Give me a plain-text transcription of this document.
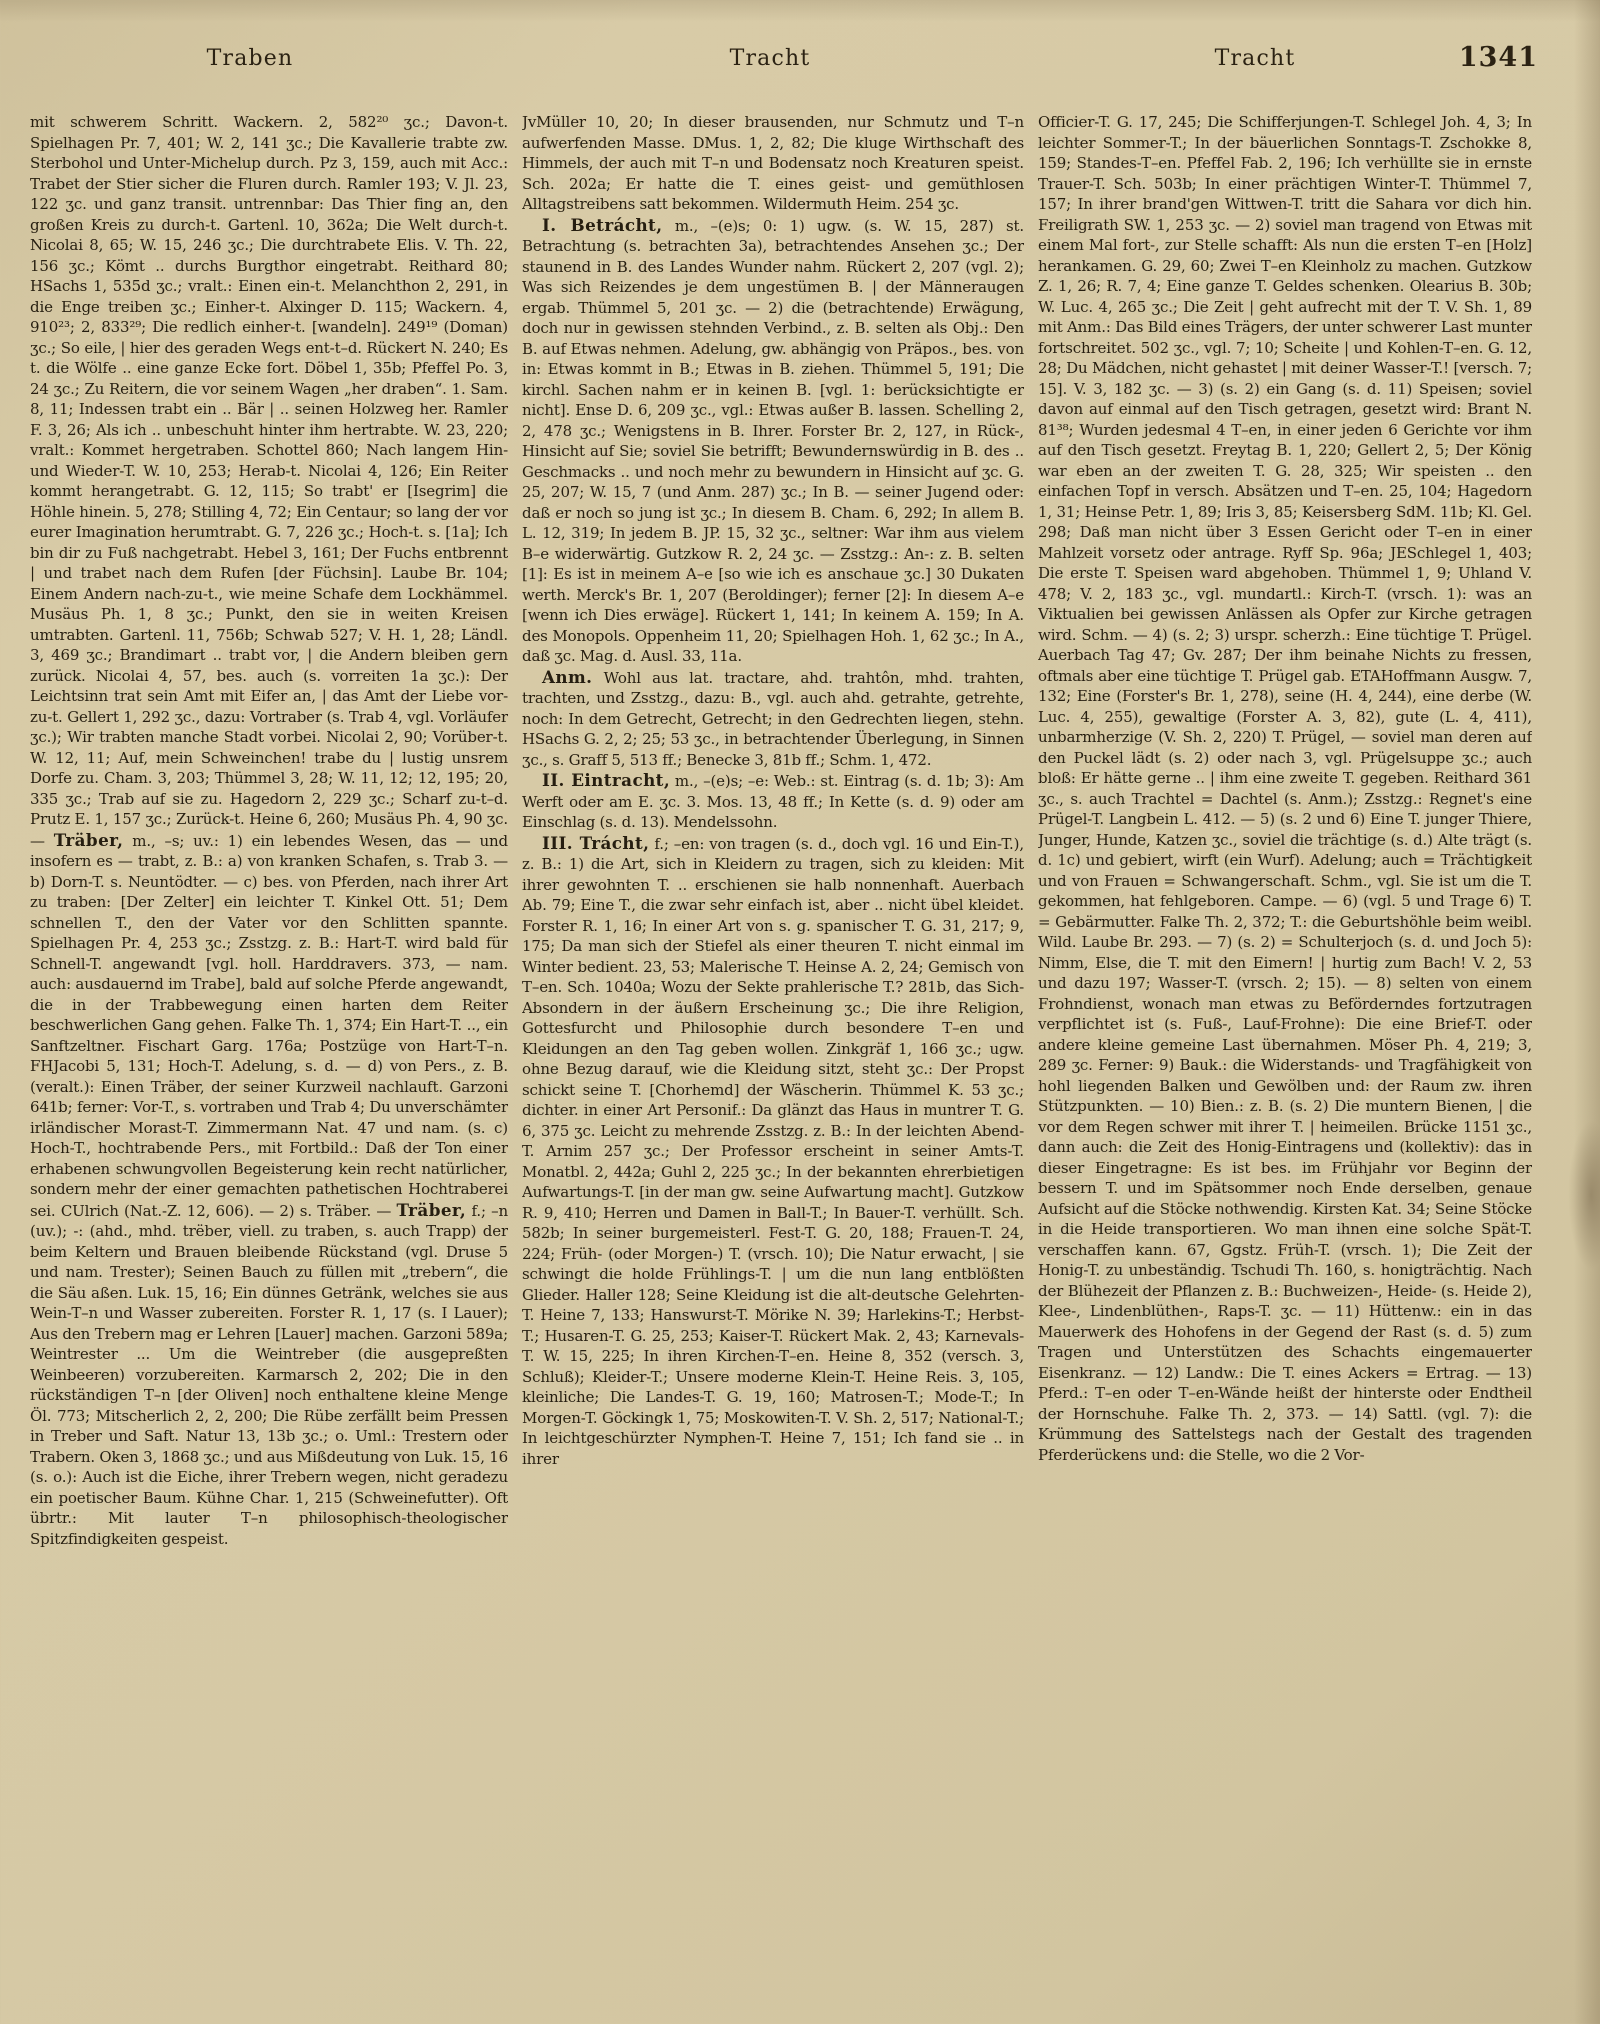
Traben	Tracht	Tracht	1341

mit schwerem Schritt. Wackern. 2, 582²⁰ ʒc.; Davon-t. Spielhagen Pr. 7, 401; W. 2, 141 ʒc.; Die Kavallerie trabte zw. Sterbohol und Unter-Michelup durch. Pz 3, 159, auch mit Acc.: Trabet der Stier sicher die Fluren durch. Ramler 193; V. Jl. 23, 122 ʒc. und ganz transit. untrennbar: Das Thier fing an, den großen Kreis zu durch-t. Gartenl. 10, 362a; Die Welt durch-t. Nicolai 8, 65; W. 15, 246 ʒc.; Die durchtrabete Elis. V. Th. 22, 156 ʒc.; Kömt .. durchs Burgthor eingetrabt. Reithard 80; HSachs 1, 535d ʒc.; vralt.: Einen ein-t. Melanchthon 2, 291, in die Enge treiben ʒc.; Einher-t. Alxinger D. 115; Wackern. 4, 910²³; 2, 833²⁹; Die redlich einher-t. [wandeln]. 249¹⁹ (Doman) ʒc.; So eile, | hier des geraden Wegs ent-t–d. Rückert N. 240; Es t. die Wölfe .. eine ganze Ecke fort. Döbel 1, 35b; Pfeffel Po. 3, 24 ʒc.; Zu Reitern, die vor seinem Wagen „her draben“. 1. Sam. 8, 11; Indessen trabt ein .. Bär | .. seinen Holzweg her. Ramler F. 3, 26; Als ich .. unbeschuht hinter ihm hertrabte. W. 23, 220; vralt.: Kommet hergetraben. Schottel 860; Nach langem Hin- und Wieder-T. W. 10, 253; Herab-t. Nicolai 4, 126; Ein Reiter kommt herangetrabt. G. 12, 115; So trabt' er [Isegrim] die Höhle hinein. 5, 278; Stilling 4, 72; Ein Centaur; so lang der vor eurer Imagination herumtrabt. G. 7, 226 ʒc.; Hoch-t. s. [1a]; Ich bin dir zu Fuß nachgetrabt. Hebel 3, 161; Der Fuchs entbrennt | und trabet nach dem Rufen [der Füchsin]. Laube Br. 104; Einem Andern nach-zu-t., wie meine Schafe dem Lockhämmel. Musäus Ph. 1, 8 ʒc.; Punkt, den sie in weiten Kreisen umtrabten. Gartenl. 11, 756b; Schwab 527; V. H. 1, 28; Ländl. 3, 469 ʒc.; Brandimart .. trabt vor, | die Andern bleiben gern zurück. Nicolai 4, 57, bes. auch (s. vorreiten 1a ʒc.): Der Leichtsinn trat sein Amt mit Eifer an, | das Amt der Liebe vor-zu-t. Gellert 1, 292 ʒc., dazu: Vortraber (s. Trab 4, vgl. Vorläufer ʒc.); Wir trabten manche Stadt vorbei. Nicolai 2, 90; Vorüber-t. W. 12, 11; Auf, mein Schweinchen! trabe du | lustig unsrem Dorfe zu. Cham. 3, 203; Thümmel 3, 28; W. 11, 12; 12, 195; 20, 335 ʒc.; Trab auf sie zu. Hagedorn 2, 229 ʒc.; Scharf zu-t–d. Prutz E. 1, 157 ʒc.; Zurück-t. Heine 6, 260; Musäus Ph. 4, 90 ʒc. — Träber, m., –s; uv.: 1) ein lebendes Wesen, das — und insofern es — trabt, z. B.: a) von kranken Schafen, s. Trab 3. — b) Dorn-T. s. Neuntödter. — c) bes. von Pferden, nach ihrer Art zu traben: [Der Zelter] ein leichter T. Kinkel Ott. 51; Dem schnellen T., den der Vater vor den Schlitten spannte. Spielhagen Pr. 4, 253 ʒc.; Zsstzg. z. B.: Hart-T. wird bald für Schnell-T. angewandt [vgl. holl. Harddravers. 373, — nam. auch: ausdauernd im Trabe], bald auf solche Pferde angewandt, die in der Trabbewegung einen harten dem Reiter beschwerlichen Gang gehen. Falke Th. 1, 374; Ein Hart-T. .., ein Sanftzeltner. Fischart Garg. 176a; Postzüge von Hart-T–n. FHJacobi 5, 131; Hoch-T. Adelung, s. d. — d) von Pers., z. B. (veralt.): Einen Träber, der seiner Kurzweil nachlauft. Garzoni 641b; ferner: Vor-T., s. vortraben und Trab 4; Du unverschämter irländischer Morast-T. Zimmermann Nat. 47 und nam. (s. c) Hoch-T., hochtrabende Pers., mit Fortbild.: Daß der Ton einer erhabenen schwungvollen Begeisterung kein recht natürlicher, sondern mehr der einer gemachten pathetischen Hochtraberei sei. CUlrich (Nat.-Z. 12, 606). — 2) s. Träber. — Träber, f.; –n (uv.); -: (ahd., mhd. trëber, viell. zu traben, s. auch Trapp) der beim Keltern und Brauen bleibende Rückstand (vgl. Druse 5 und nam. Trester); Seinen Bauch zu füllen mit „trebern“, die die Säu aßen. Luk. 15, 16; Ein dünnes Getränk, welches sie aus Wein-T–n und Wasser zubereiten. Forster R. 1, 17 (s. I Lauer); Aus den Trebern mag er Lehren [Lauer] machen. Garzoni 589a; Weintrester ... Um die Weintreber (die ausgepreßten Weinbeeren) vorzubereiten. Karmarsch 2, 202; Die in den rückständigen T–n [der Oliven] noch enthaltene kleine Menge Öl. 773; Mitscherlich 2, 2, 200; Die Rübe zerfällt beim Pressen in Treber und Saft. Natur 13, 13b ʒc.; o. Uml.: Trestern oder Trabern. Oken 3, 1868 ʒc.; und aus Mißdeutung von Luk. 15, 16 (s. o.): Auch ist die Eiche, ihrer Trebern wegen, nicht geradezu ein poetischer Baum. Kühne Char. 1, 215 (Schweinefutter). Oft übrtr.: Mit lauter T–n philosophisch-theologischer Spitzfindigkeiten gespeist.

JvMüller 10, 20; In dieser brausenden, nur Schmutz und T–n aufwerfenden Masse. DMus. 1, 2, 82; Die kluge Wirthschaft des Himmels, der auch mit T–n und Bodensatz noch Kreaturen speist. Sch. 202a; Er hatte die T. eines geist- und gemüthlosen Alltagstreibens satt bekommen. Wildermuth Heim. 254 ʒc.

I. Betrácht, m., –(e)s; 0: 1) ugw. (s. W. 15, 287) st. Betrachtung (s. betrachten 3a), betrachtendes Ansehen ʒc.; Der staunend in B. des Landes Wunder nahm. Rückert 2, 207 (vgl. 2); Was sich Reizendes je dem ungestümen B. | der Männeraugen ergab. Thümmel 5, 201 ʒc. — 2) die (betrachtende) Erwägung, doch nur in gewissen stehnden Verbind., z. B. selten als Obj.: Den B. auf Etwas nehmen. Adelung, gw. abhängig von Präpos., bes. von in: Etwas kommt in B.; Etwas in B. ziehen. Thümmel 5, 191; Die kirchl. Sachen nahm er in keinen B. [vgl. 1: berücksichtigte er nicht]. Ense D. 6, 209 ʒc., vgl.: Etwas außer B. lassen. Schelling 2, 2, 478 ʒc.; Wenigstens in B. Ihrer. Forster Br. 2, 127, in Rück-, Hinsicht auf Sie; soviel Sie betrifft; Bewundernswürdig in B. des .. Geschmacks .. und noch mehr zu bewundern in Hinsicht auf ʒc. G. 25, 207; W. 15, 7 (und Anm. 287) ʒc.; In B. — seiner Jugend oder: daß er noch so jung ist ʒc.; In diesem B. Cham. 6, 292; In allem B. L. 12, 319; In jedem B. JP. 15, 32 ʒc., seltner: War ihm aus vielem B–e widerwärtig. Gutzkow R. 2, 24 ʒc. — Zsstzg.: An-: z. B. selten [1]: Es ist in meinem A–e [so wie ich es anschaue ʒc.] 30 Dukaten werth. Merck's Br. 1, 207 (Beroldinger); ferner [2]: In diesem A–e [wenn ich Dies erwäge]. Rückert 1, 141; In keinem A. 159; In A. des Monopols. Oppenheim 11, 20; Spielhagen Hoh. 1, 62 ʒc.; In A., daß ʒc. Mag. d. Ausl. 33, 11a.

Anm. Wohl aus lat. tractare, ahd. trahtôn, mhd. trahten, trachten, und Zsstzg., dazu: B., vgl. auch ahd. getrahte, getrehte, noch: In dem Getrecht, Getrecht; in den Gedrechten liegen, stehn. HSachs G. 2, 2; 25; 53 ʒc., in betrachtender Überlegung, in Sinnen ʒc., s. Graff 5, 513 ff.; Benecke 3, 81b ff.; Schm. 1, 472.

II. Eintracht, m., –(e)s; –e: Web.: st. Eintrag (s. d. 1b; 3): Am Werft oder am E. ʒc. 3. Mos. 13, 48 ff.; In Kette (s. d. 9) oder am Einschlag (s. d. 13). Mendelssohn.

III. Trácht, f.; –en: von tragen (s. d., doch vgl. 16 und Ein-T.), z. B.: 1) die Art, sich in Kleidern zu tragen, sich zu kleiden: Mit ihrer gewohnten T. .. erschienen sie halb nonnenhaft. Auerbach Ab. 79; Eine T., die zwar sehr einfach ist, aber .. nicht übel kleidet. Forster R. 1, 16; In einer Art von s. g. spanischer T. G. 31, 217; 9, 175; Da man sich der Stiefel als einer theuren T. nicht einmal im Winter bedient. 23, 53; Malerische T. Heinse A. 2, 24; Gemisch von T–en. Sch. 1040a; Wozu der Sekte prahlerische T.? 281b, das Sich-Absondern in der äußern Erscheinung ʒc.; Die ihre Religion, Gottesfurcht und Philosophie durch besondere T–en und Kleidungen an den Tag geben wollen. Zinkgräf 1, 166 ʒc.; ugw. ohne Bezug darauf, wie die Kleidung sitzt, steht ʒc.: Der Propst schickt seine T. [Chorhemd] der Wäscherin. Thümmel K. 53 ʒc.; dichter. in einer Art Personif.: Da glänzt das Haus in muntrer T. G. 6, 375 ʒc. Leicht zu mehrende Zsstzg. z. B.: In der leichten Abend-T. Arnim 257 ʒc.; Der Professor erscheint in seiner Amts-T. Monatbl. 2, 442a; Guhl 2, 225 ʒc.; In der bekannten ehrerbietigen Aufwartungs-T. [in der man gw. seine Aufwartung macht]. Gutzkow R. 9, 410; Herren und Damen in Ball-T.; In Bauer-T. verhüllt. Sch. 582b; In seiner burgemeisterl. Fest-T. G. 20, 188; Frauen-T. 24, 224; Früh- (oder Morgen-) T. (vrsch. 10); Die Natur erwacht, | sie schwingt die holde Frühlings-T. | um die nun lang entblößten Glieder. Haller 128; Seine Kleidung ist die alt-deutsche Gelehrten-T. Heine 7, 133; Hanswurst-T. Mörike N. 39; Harlekins-T.; Herbst-T.; Husaren-T. G. 25, 253; Kaiser-T. Rückert Mak. 2, 43; Karnevals-T. W. 15, 225; In ihren Kirchen-T–en. Heine 8, 352 (versch. 3, Schluß); Kleider-T.; Unsere moderne Klein-T. Heine Reis. 3, 105, kleinliche; Die Landes-T. G. 19, 160; Matrosen-T.; Mode-T.; In Morgen-T. Göckingk 1, 75; Moskowiten-T. V. Sh. 2, 517; National-T.; In leichtgeschürzter Nymphen-T. Heine 7, 151; Ich fand sie .. in ihrer

Officier-T. G. 17, 245; Die Schifferjungen-T. Schlegel Joh. 4, 3; In leichter Sommer-T.; In der bäuerlichen Sonntags-T. Zschokke 8, 159; Standes-T–en. Pfeffel Fab. 2, 196; Ich verhüllte sie in ernste Trauer-T. Sch. 503b; In einer prächtigen Winter-T. Thümmel 7, 157; In ihrer brand'gen Wittwen-T. tritt die Sahara vor dich hin. Freiligrath SW. 1, 253 ʒc. — 2) soviel man tragend von Etwas mit einem Mal fort-, zur Stelle schafft: Als nun die ersten T–en [Holz] herankamen. G. 29, 60; Zwei T–en Kleinholz zu machen. Gutzkow Z. 1, 26; R. 7, 4; Eine ganze T. Geldes schenken. Olearius B. 30b; W. Luc. 4, 265 ʒc.; Die Zeit | geht aufrecht mit der T. V. Sh. 1, 89 mit Anm.: Das Bild eines Trägers, der unter schwerer Last munter fortschreitet. 502 ʒc., vgl. 7; 10; Scheite | und Kohlen-T–en. G. 12, 28; Du Mädchen, nicht gehastet | mit deiner Wasser-T.! [versch. 7; 15]. V. 3, 182 ʒc. — 3) (s. 2) ein Gang (s. d. 11) Speisen; soviel davon auf einmal auf den Tisch getragen, gesetzt wird: Brant N. 81³⁸; Wurden jedesmal 4 T–en, in einer jeden 6 Gerichte vor ihm auf den Tisch gesetzt. Freytag B. 1, 220; Gellert 2, 5; Der König war eben an der zweiten T. G. 28, 325; Wir speisten .. den einfachen Topf in versch. Absätzen und T–en. 25, 104; Hagedorn 1, 31; Heinse Petr. 1, 89; Iris 3, 85; Keisersberg SdM. 11b; Kl. Gel. 298; Daß man nicht über 3 Essen Gericht oder T–en in einer Mahlzeit vorsetz oder antrage. Ryff Sp. 96a; JESchlegel 1, 403; Die erste T. Speisen ward abgehoben. Thümmel 1, 9; Uhland V. 478; V. 2, 183 ʒc., vgl. mundartl.: Kirch-T. (vrsch. 1): was an Viktualien bei gewissen Anlässen als Opfer zur Kirche getragen wird. Schm. — 4) (s. 2; 3) urspr. scherzh.: Eine tüchtige T. Prügel. Auerbach Tag 47; Gv. 287; Der ihm beinahe Nichts zu fressen, oftmals aber eine tüchtige T. Prügel gab. ETAHoffmann Ausgw. 7, 132; Eine (Forster's Br. 1, 278), seine (H. 4, 244), eine derbe (W. Luc. 4, 255), gewaltige (Forster A. 3, 82), gute (L. 4, 411), unbarmherzige (V. Sh. 2, 220) T. Prügel, — soviel man deren auf den Puckel lädt (s. 2) oder nach 3, vgl. Prügelsuppe ʒc.; auch bloß: Er hätte gerne .. | ihm eine zweite T. gegeben. Reithard 361 ʒc., s. auch Trachtel = Dachtel (s. Anm.); Zsstzg.: Regnet's eine Prügel-T. Langbein L. 412. — 5) (s. 2 und 6) Eine T. junger Thiere, Junger, Hunde, Katzen ʒc., soviel die trächtige (s. d.) Alte trägt (s. d. 1c) und gebiert, wirft (ein Wurf). Adelung; auch = Trächtigkeit und von Frauen = Schwangerschaft. Schm., vgl. Sie ist um die T. gekommen, hat fehlgeboren. Campe. — 6) (vgl. 5 und Trage 6) T. = Gebärmutter. Falke Th. 2, 372; T.: die Geburtshöhle beim weibl. Wild. Laube Br. 293. — 7) (s. 2) = Schulterjoch (s. d. und Joch 5): Nimm, Else, die T. mit den Eimern! | hurtig zum Bach! V. 2, 53 und dazu 197; Wasser-T. (vrsch. 2; 15). — 8) selten von einem Frohndienst, wonach man etwas zu Beförderndes fortzutragen verpflichtet ist (s. Fuß-, Lauf-Frohne): Die eine Brief-T. oder andere kleine gemeine Last übernahmen. Möser Ph. 4, 219; 3, 289 ʒc. Ferner: 9) Bauk.: die Widerstands- und Tragfähigkeit von hohl liegenden Balken und Gewölben und: der Raum zw. ihren Stützpunkten. — 10) Bien.: z. B. (s. 2) Die muntern Bienen, | die vor dem Regen schwer mit ihrer T. | heimeilen. Brücke 1151 ʒc., dann auch: die Zeit des Honig-Eintragens und (kollektiv): das in dieser Eingetragne: Es ist bes. im Frühjahr vor Beginn der bessern T. und im Spätsommer noch Ende derselben, genaue Aufsicht auf die Stöcke nothwendig. Kirsten Kat. 34; Seine Stöcke in die Heide transportieren. Wo man ihnen eine solche Spät-T. verschaffen kann. 67, Ggstz. Früh-T. (vrsch. 1); Die Zeit der Honig-T. zu unbeständig. Tschudi Th. 160, s. honigträchtig. Nach der Blühezeit der Pflanzen z. B.: Buchweizen-, Heide- (s. Heide 2), Klee-, Lindenblüthen-, Raps-T. ʒc. — 11) Hüttenw.: ein in das Mauerwerk des Hohofens in der Gegend der Rast (s. d. 5) zum Tragen und Unterstützen des Schachts eingemauerter Eisenkranz. — 12) Landw.: Die T. eines Ackers = Ertrag. — 13) Pferd.: T–en oder T–en-Wände heißt der hinterste oder Endtheil der Hornschuhe. Falke Th. 2, 373. — 14) Sattl. (vgl. 7): die Krümmung des Sattelstegs nach der Gestalt des tragenden Pferderückens und: die Stelle, wo die 2 Vor-
